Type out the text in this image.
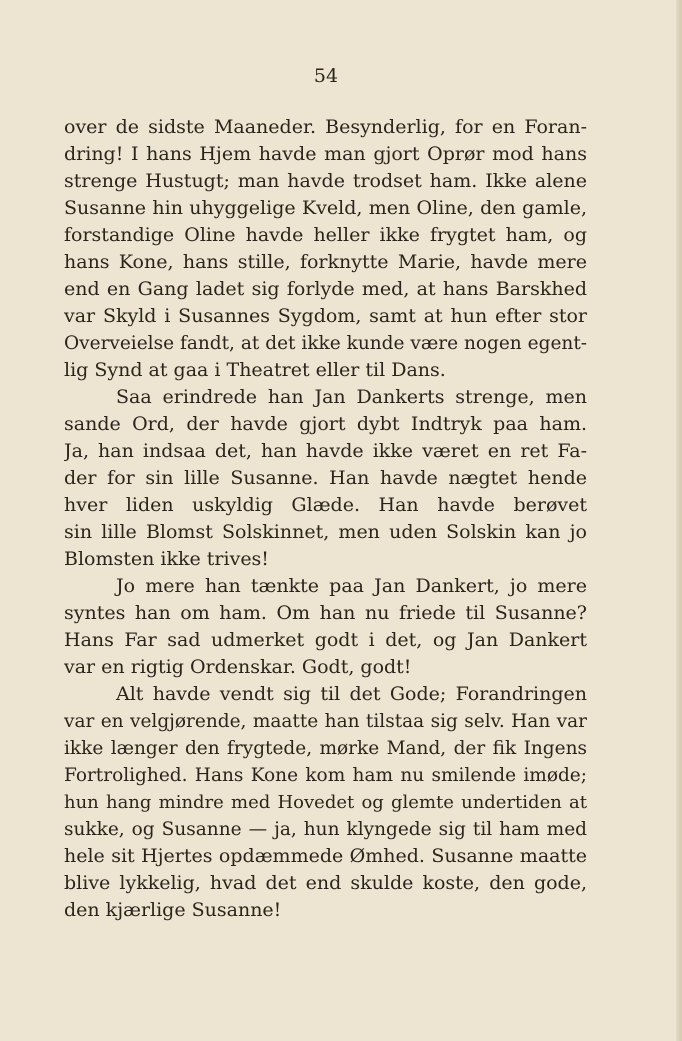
54
over de sidste Maaneder. Besynderlig, for en Foran-
dring! I hans Hjem havde man gjort Oprør mod hans
strenge Hustugt; man havde trodset ham. Ikke alene
Susanne hin uhyggelige Kveld, men Oline, den gamle,
forstandige Oline havde heller ikke frygtet ham, og
hans Kone, hans stille, forknytte Marie, havde mere
end en Gang ladet sig forlyde med, at hans Barskhed
var Skyld i Susannes Sygdom, samt at hun efter stor
Overveielse fandt, at det ikke kunde være nogen egent-
lig Synd at gaa i Theatret eller til Dans.
Saa erindrede han Jan Dankerts strenge, men
sande Ord, der havde gjort dybt Indtryk paa ham.
Ja, han indsaa det, han havde ikke været en ret Fa-
der for sin lille Susanne. Han havde nægtet hende
hver liden uskyldig Glæde. Han havde berøvet
sin lille Blomst Solskinnet, men uden Solskin kan jo
Blomsten ikke trives!
Jo mere han tænkte paa Jan Dankert, jo mere
syntes han om ham. Om han nu friede til Susanne?
Hans Far sad udmerket godt i det, og Jan Dankert
var en rigtig Ordenskar. Godt, godt!
Alt havde vendt sig til det Gode; Forandringen
var en velgjørende, maatte han tilstaa sig selv. Han var
ikke længer den frygtede, mørke Mand, der fik Ingens
Fortrolighed. Hans Kone kom ham nu smilende imøde;
hun hang mindre med Hovedet og glemte undertiden at
sukke, og Susanne — ja, hun klyngede sig til ham med
hele sit Hjertes opdæmmede Ømhed. Susanne maatte
blive lykkelig, hvad det end skulde koste, den gode,
den kjærlige Susanne!
